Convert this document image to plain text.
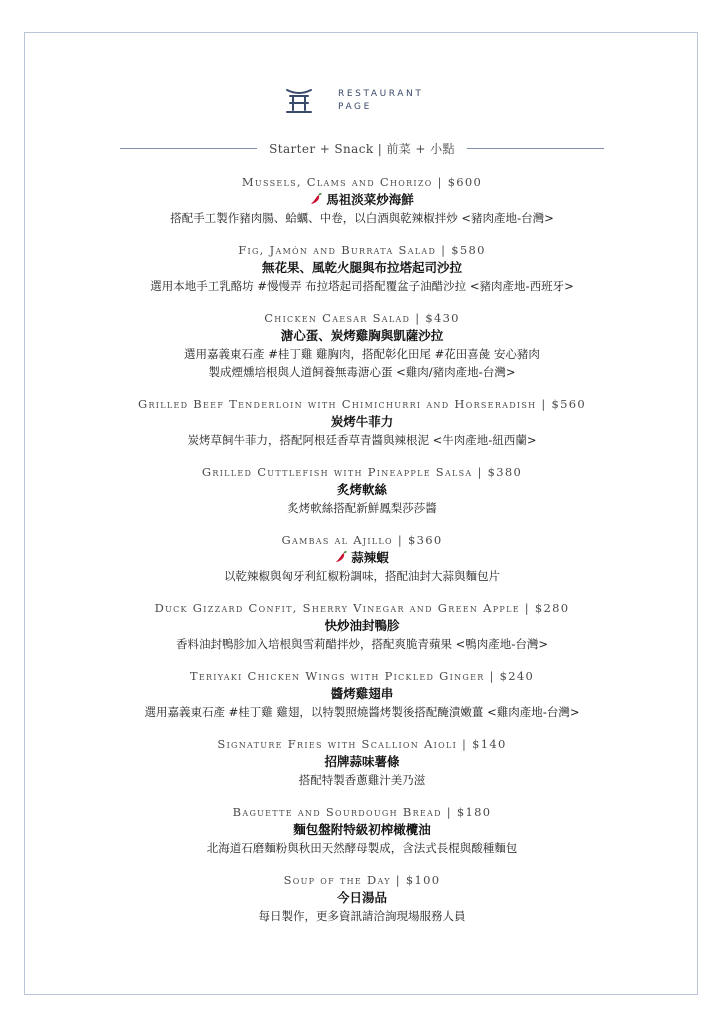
RESTAURANT
PAGE
Starter + Snack | 前菜 + 小點
Mussels, Clams and Chorizo | $600
馬祖淡菜炒海鮮
搭配手工製作豬肉腸、蛤蠣、中卷，以白酒與乾辣椒拌炒 <豬肉產地-台灣>
Fig, Jamón and Burrata Salad | $580
無花果、風乾火腿與布拉塔起司沙拉
選用本地手工乳酪坊 #慢慢弄 布拉塔起司搭配覆盆子油醋沙拉 <豬肉產地-西班牙>
Chicken Caesar Salad | $430
溏心蛋、炭烤雞胸與凱薩沙拉
選用嘉義東石產 #桂丁雞 雞胸肉，搭配彰化田尾 #花田喜彘 安心豬肉
製成煙燻培根與人道飼養無毒溏心蛋 <雞肉/豬肉產地-台灣>
Grilled Beef Tenderloin with Chimichurri and Horseradish | $560
炭烤牛菲力
炭烤草飼牛菲力，搭配阿根廷香草青醬與辣根泥 <牛肉產地-紐西蘭>
Grilled Cuttlefish with Pineapple Salsa | $380
炙烤軟絲
炙烤軟絲搭配新鮮鳳梨莎莎醬
Gambas al Ajillo | $360
蒜辣蝦
以乾辣椒與匈牙利紅椒粉調味，搭配油封大蒜與麵包片
Duck Gizzard Confit, Sherry Vinegar and Green Apple | $280
快炒油封鴨胗
香料油封鴨胗加入培根與雪莉醋拌炒，搭配爽脆青蘋果 <鴨肉產地-台灣>
Teriyaki Chicken Wings with Pickled Ginger | $240
醬烤雞翅串
選用嘉義東石產 #桂丁雞 雞翅，以特製照燒醬烤製後搭配醃漬嫩薑 <雞肉產地-台灣>
Signature Fries with Scallion Aioli | $140
招牌蒜味薯條
搭配特製香蔥雞汁美乃滋
Baguette and Sourdough Bread | $180
麵包盤附特級初榨橄欖油
北海道石磨麵粉與秋田天然酵母製成，含法式長棍與酸種麵包
Soup of the Day | $100
今日湯品
每日製作，更多資訊請洽詢現場服務人員
